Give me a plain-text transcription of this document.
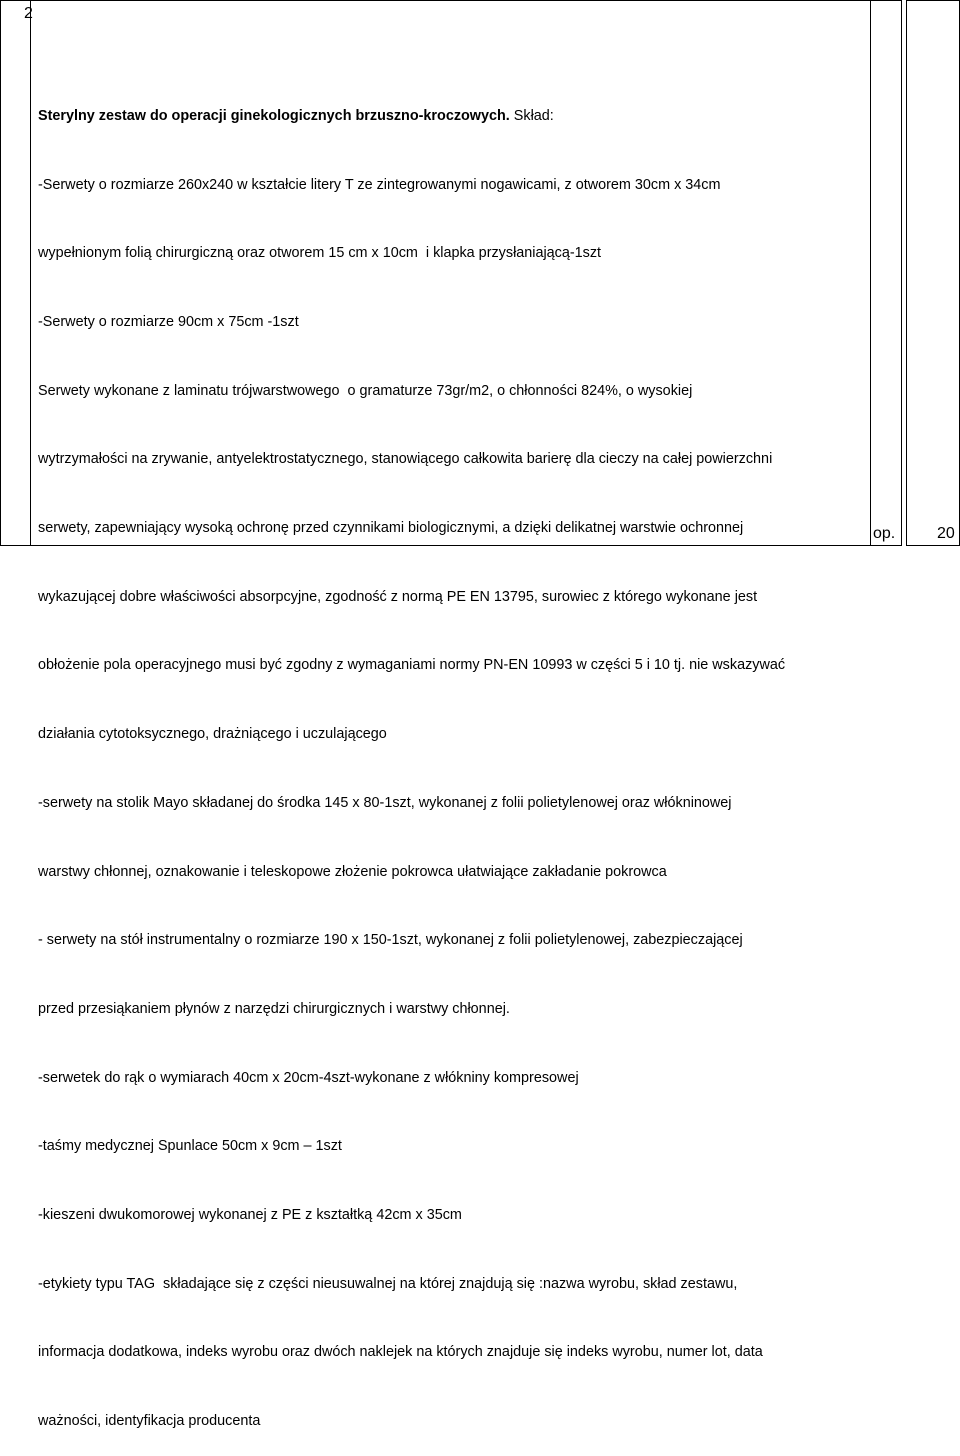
2
op.	20

Sterylny zestaw do operacji ginekologicznych brzuszno-kroczowych. Skład:

-Serwety o rozmiarze 260x240 w kształcie litery T ze zintegrowanymi nogawicami, z otworem 30cm x 34cm

wypełnionym folią chirurgiczną oraz otworem 15 cm x 10cm  i klapka przysłaniającą-1szt

-Serwety o rozmiarze 90cm x 75cm -1szt

Serwety wykonane z laminatu trójwarstwowego  o gramaturze 73gr/m2, o chłonności 824%, o wysokiej

wytrzymałości na zrywanie, antyelektrostatycznego, stanowiącego całkowita barierę dla cieczy na całej powierzchni

serwety, zapewniający wysoką ochronę przed czynnikami biologicznymi, a dzięki delikatnej warstwie ochronnej

wykazującej dobre właściwości absorpcyjne, zgodność z normą PE EN 13795, surowiec z którego wykonane jest

obłożenie pola operacyjnego musi być zgodny z wymaganiami normy PN-EN 10993 w części 5 i 10 tj. nie wskazywać

działania cytotoksycznego, drażniącego i uczulającego

-serwety na stolik Mayo składanej do środka 145 x 80-1szt, wykonanej z folii polietylenowej oraz włókninowej

warstwy chłonnej, oznakowanie i teleskopowe złożenie pokrowca ułatwiające zakładanie pokrowca

- serwety na stół instrumentalny o rozmiarze 190 x 150-1szt, wykonanej z folii polietylenowej, zabezpieczającej

przed przesiąkaniem płynów z narzędzi chirurgicznych i warstwy chłonnej.

-serwetek do rąk o wymiarach 40cm x 20cm-4szt-wykonane z włókniny kompresowej

-taśmy medycznej Spunlace 50cm x 9cm – 1szt

-kieszeni dwukomorowej wykonanej z PE z kształtką 42cm x 35cm

-etykiety typu TAG  składające się z części nieusuwalnej na której znajdują się :nazwa wyrobu, skład zestawu,

informacja dodatkowa, indeks wyrobu oraz dwóch naklejek na których znajduje się indeks wyrobu, numer lot, data

ważności, identyfikacja producenta
